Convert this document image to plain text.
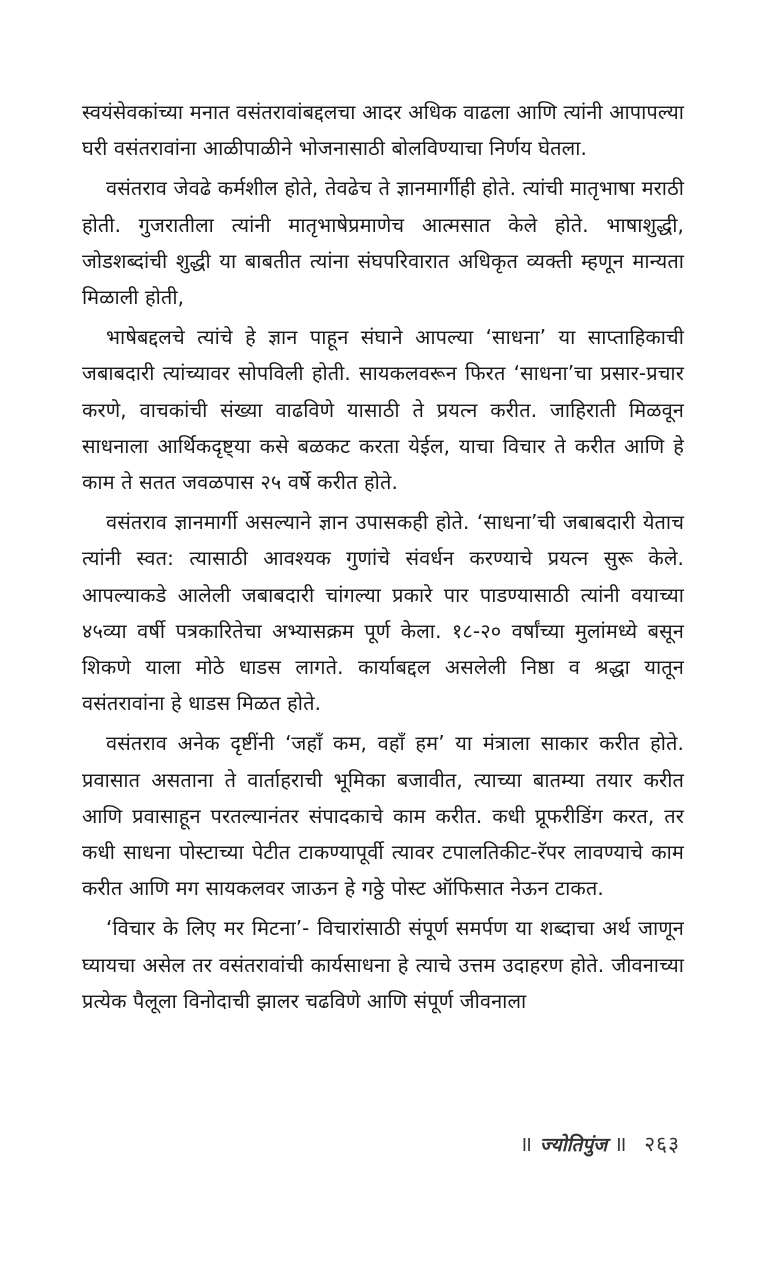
स्वयंसेवकांच्या मनात वसंतरावांबद्दलचा आदर अधिक वाढला आणि त्यांनी आपापल्या घरी वसंतरावांना आळीपाळीने भोजनासाठी बोलविण्याचा निर्णय घेतला.

वसंतराव जेवढे कर्मशील होते, तेवढेच ते ज्ञानमार्गीही होते. त्यांची मातृभाषा मराठी होती. गुजरातीला त्यांनी मातृभाषेप्रमाणेच आत्मसात केले होते. भाषाशुद्धी, जोडशब्दांची शुद्धी या बाबतीत त्यांना संघपरिवारात अधिकृत व्यक्ती म्हणून मान्यता मिळाली होती,

भाषेबद्दलचे त्यांचे हे ज्ञान पाहून संघाने आपल्या ‘साधना’ या साप्ताहिकाची जबाबदारी त्यांच्यावर सोपविली होती. सायकलवरून फिरत ‘साधना’चा प्रसार-प्रचार करणे, वाचकांची संख्या वाढविणे यासाठी ते प्रयत्न करीत. जाहिराती मिळवून साधनाला आर्थिकदृष्ट्या कसे बळकट करता येईल, याचा विचार ते करीत आणि हे काम ते सतत जवळपास २५ वर्षे करीत होते.

वसंतराव ज्ञानमार्गी असल्याने ज्ञान उपासकही होते. ‘साधना’ची जबाबदारी येताच त्यांनी स्वत: त्यासाठी आवश्यक गुणांचे संवर्धन करण्याचे प्रयत्न सुरू केले. आपल्याकडे आलेली जबाबदारी चांगल्या प्रकारे पार पाडण्यासाठी त्यांनी वयाच्या ४५व्या वर्षी पत्रकारितेचा अभ्यासक्रम पूर्ण केला. १८-२० वर्षांच्या मुलांमध्ये बसून शिकणे याला मोठे धाडस लागते. कार्याबद्दल असलेली निष्ठा व श्रद्धा यातून वसंतरावांना हे धाडस मिळत होते.

वसंतराव अनेक दृष्टींनी ‘जहाँ कम, वहाँ हम’ या मंत्राला साकार करीत होते. प्रवासात असताना ते वार्ताहराची भूमिका बजावीत, त्याच्या बातम्या तयार करीत आणि प्रवासाहून परतल्यानंतर संपादकाचे काम करीत. कधी प्रूफरीडिंग करत, तर कधी साधना पोस्टाच्या पेटीत टाकण्यापूर्वी त्यावर टपालतिकीट-रॅपर लावण्याचे काम करीत आणि मग सायकलवर जाऊन हे गठ्ठे पोस्ट ऑफिसात नेऊन टाकत.

‘विचार के लिए मर मिटना’- विचारांसाठी संपूर्ण समर्पण या शब्दाचा अर्थ जाणून घ्यायचा असेल तर वसंतरावांची कार्यसाधना हे त्याचे उत्तम उदाहरण होते. जीवनाच्या प्रत्येक पैलूला विनोदाची झालर चढविणे आणि संपूर्ण जीवनाला

॥ ज्योतिपुंज ॥ २६३
